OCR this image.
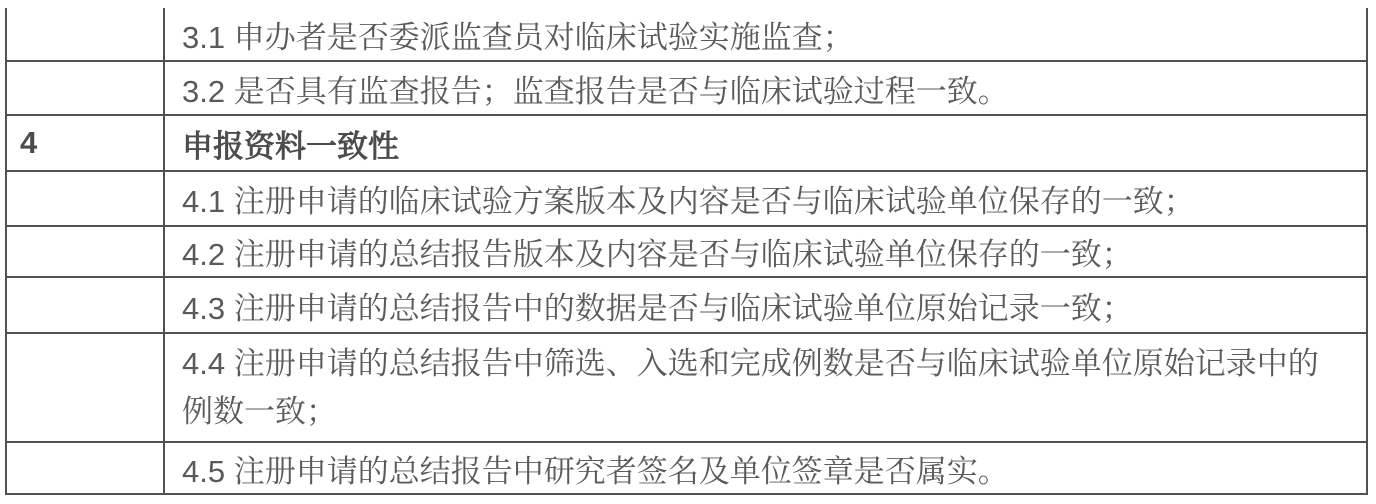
3.1 申办者是否委派监查员对临床试验实施监查；
3.2 是否具有监查报告；监查报告是否与临床试验过程一致。
4	申报资料一致性
4.1 注册申请的临床试验方案版本及内容是否与临床试验单位保存的一致；
4.2 注册申请的总结报告版本及内容是否与临床试验单位保存的一致；
4.3 注册申请的总结报告中的数据是否与临床试验单位原始记录一致；
4.4 注册申请的总结报告中筛选、入选和完成例数是否与临床试验单位原始记录中的
例数一致；
4.5 注册申请的总结报告中研究者签名及单位签章是否属实。
